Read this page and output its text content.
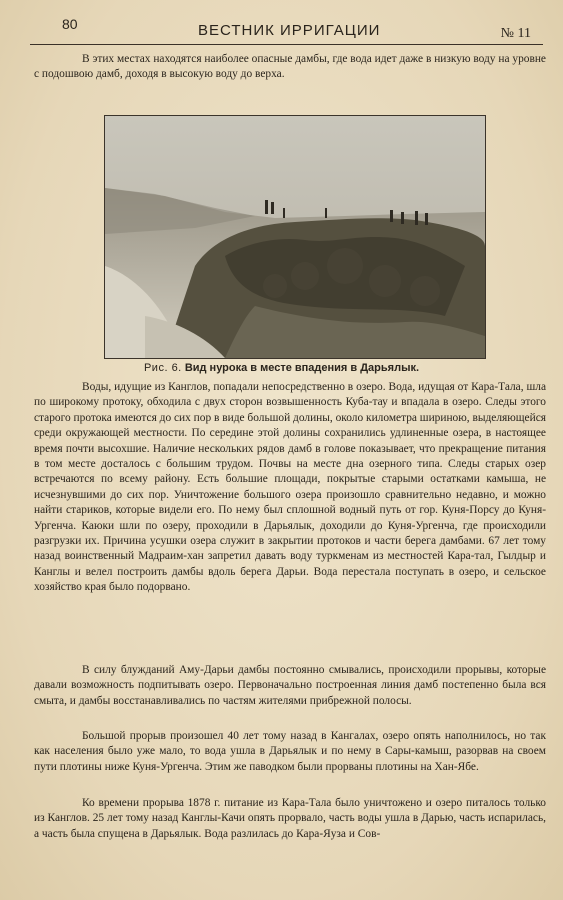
80	ВЕСТНИК ИРРИГАЦИИ	№ 11

В этих местах находятся наиболее опасные дамбы, где вода идет даже в низкую воду на уровне с подошвою дамб, доходя в высокую воду до верха.

Рис. 6. Вид нурока в месте впадения в Дарьялык.

Воды, идущие из Канглов, попадали непосредственно в озеро. Вода, идущая от Кара-Тала, шла по широкому протоку, обходила с двух сторон возвышенность Куба-тау и впадала в озеро. Следы этого старого протока имеются до сих пор в виде большой долины, около километра шириною, выделяющейся среди окружающей местности. По середине этой долины сохранились удлиненные озера, в настоящее время почти высохшие. Наличие нескольких рядов дамб в голове показывает, что прекращение питания в том месте досталось с большим трудом. Почвы на месте дна озерного типа. Следы старых озер встречаются по всему району. Есть большие площади, покрытые старыми остатками камыша, не исчезнувшими до сих пор. Уничтожение большого озера произошло сравнительно недавно, и можно найти стариков, которые видели его. По нему был сплошной водный путь от гор. Куня-Порсу до Куня-Ургенча. Каюки шли по озеру, проходили в Дарьялык, доходили до Куня-Ургенча, где происходили разгрузки их. Причина усушки озера служит в закрытии протоков и части берега дамбами. 67 лет тому назад воинственный Мадраим-хан запретил давать воду туркменам из местностей Кара-тал, Гылдыр и Канглы и велел построить дамбы вдоль берега Дарьи. Вода перестала поступать в озеро, и сельское хозяйство края было подорвано.

В силу блужданий Аму-Дарьи дамбы постоянно смывались, происходили прорывы, которые давали возможность подпитывать озеро. Первоначально построенная линия дамб постепенно была вся смыта, и дамбы восстанавливались по частям жителями прибрежной полосы.

Большой прорыв произошел 40 лет тому назад в Кангалах, озеро опять наполнилось, но так как населения было уже мало, то вода ушла в Дарьялык и по нему в Сары-камыш, разорвав на своем пути плотины ниже Куня-Ургенча. Этим же паводком были прорваны плотины на Хан-Ябе.

Ко времени прорыва 1878 г. питание из Кара-Тала было уничтожено и озеро питалось только из Канглов. 25 лет тому назад Канглы-Качи опять прорвало, часть воды ушла в Дарью, часть испарилась, а часть была спущена в Дарьялык. Вода разлилась до Кара-Яуза и Сов-
